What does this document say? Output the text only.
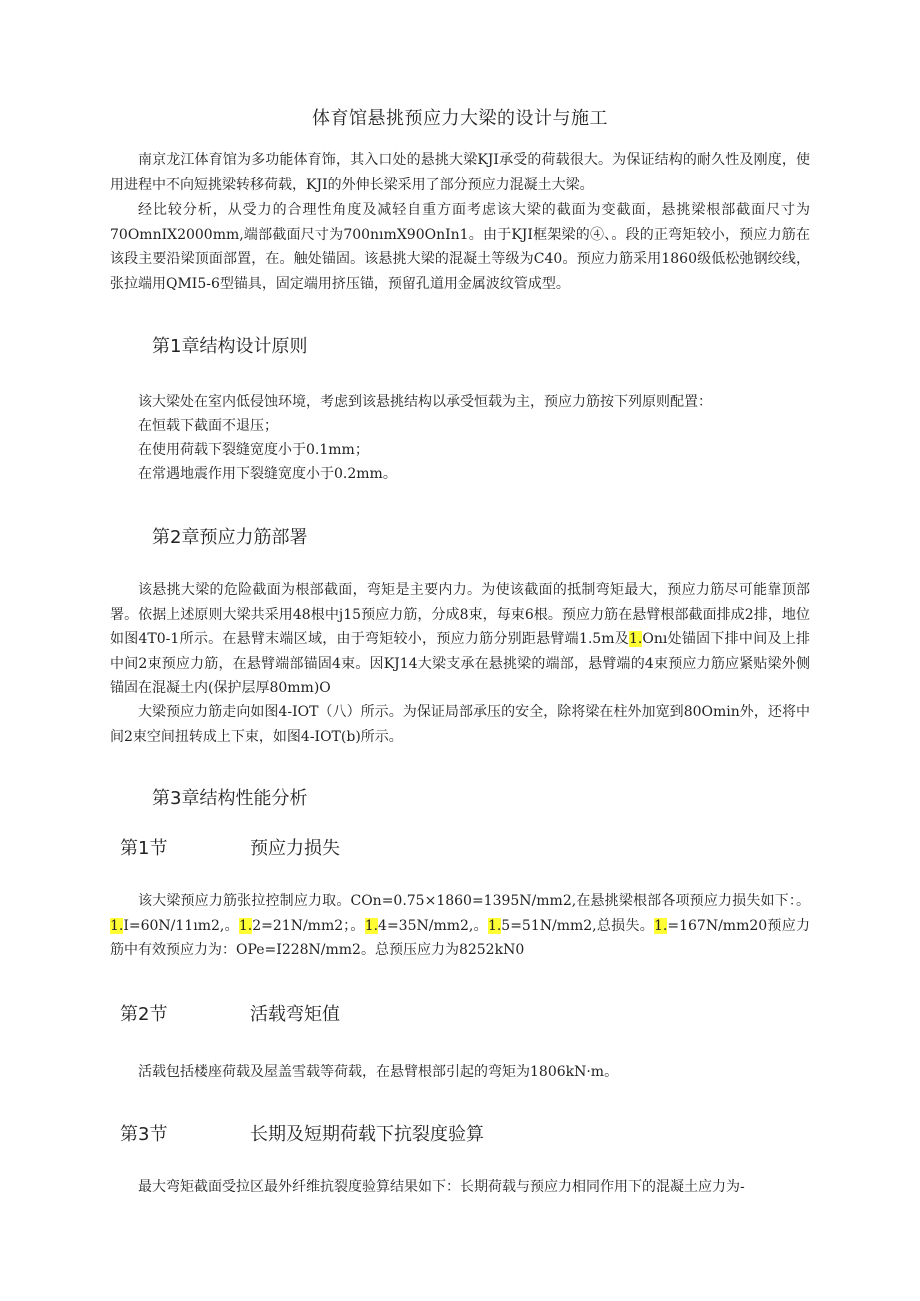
体育馆悬挑预应力大梁的设计与施工
南京龙江体育馆为多功能体育饰，其入口处的悬挑大梁KJI承受的荷载很大。为保证结构的耐久性及刚度，使用进程中不向短挑梁转移荷载，KJI的外伸长梁采用了部分预应力混凝土大梁。
经比较分析，从受力的合理性角度及减轻自重方面考虑该大梁的截面为变截面，悬挑梁根部截面尺寸为70OmnIX2000mm,端部截面尺寸为700nımX90OnIn1。由于KJI框架梁的④、。段的正弯矩较小，预应力筋在该段主要沿梁顶面部置，在。触处锚固。该悬挑大梁的混凝土等级为C40。预应力筋采用1860级低松弛钢绞线，张拉端用QMI5-6型锚具，固定端用挤压锚，预留孔道用金属波纹管成型。
第1章结构设计原则
该大梁处在室内低侵蚀环境，考虑到该悬挑结构以承受恒载为主，预应力筋按下列原则配置：
在恒载下截面不退压；
在使用荷载下裂缝宽度小于0.1mm；
在常遇地震作用下裂缝宽度小于0.2mm。
第2章预应力筋部署
该悬挑大梁的危险截面为根部截面，弯矩是主要内力。为使该截面的抵制弯矩最大，预应力筋尽可能靠顶部署。依据上述原则大梁共采用48根中j15预应力筋，分成8束，每束6根。预应力筋在悬臂根部截面排成2排，地位如图4T0-1所示。在悬臂末端区域，由于弯矩较小，预应力筋分别距悬臂端1.5m及1.Onı处锚固下排中间及上排中间2束预应力筋，在悬臂端部锚固4束。因KJ14大梁支承在悬挑梁的端部，悬臂端的4束预应力筋应紧贴梁外侧锚固在混凝土内(保护层厚80mm)O
大梁预应力筋走向如图4-IOT（八）所示。为保证局部承压的安全，除将梁在柱外加宽到80Omin外，还将中间2束空间扭转成上下束，如图4-IOT(b)所示。
第3章结构性能分析
第1节	预应力损失
该大梁预应力筋张拉控制应力取。COn=0.75×1860=1395N/mm2,在悬挑梁根部各项预应力损失如下：。1.I=60N/11ım2,。1.2=21N/mm2；。1.4=35N/mm2,。1.5=51N/mm2,总损失。1.=167N/mm20预应力筋中有效预应力为：OPe=I228N/mm2。总预压应力为8252kN0
第2节	活载弯矩值
活载包括楼座荷载及屋盖雪载等荷载，在悬臂根部引起的弯矩为1806kN·m。
第3节	长期及短期荷载下抗裂度验算
最大弯矩截面受拉区最外纤维抗裂度验算结果如下：长期荷载与预应力相同作用下的混凝土应力为-
